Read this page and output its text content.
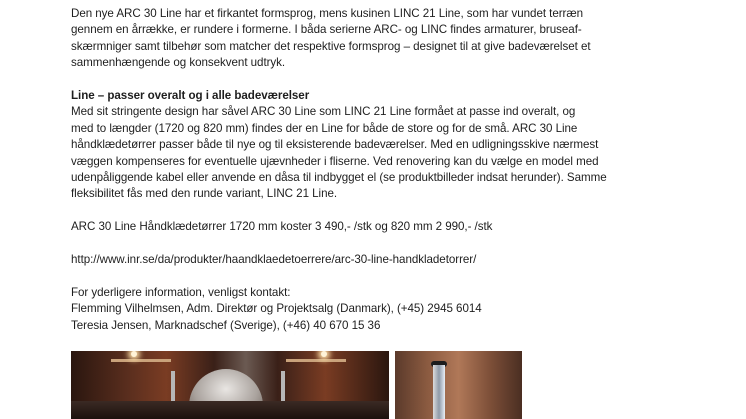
Den nye ARC 30 Line har et firkantet formsprog, mens kusinen LINC 21 Line, som har vundet terræn
gennem en årrække, er rundere i formerne. I båda serierne ARC- og LINC findes armaturer, bruseaf-
skærmniger samt tilbehør som matcher det respektive formsprog – designet til at give badeværelset et
sammenhængende og konsekvent udtryk.

Line – passer overalt og i alle badeværelser
Med sit stringente design har såvel ARC 30 Line som LINC 21 Line formået at passe ind overalt, og
med to længder (1720 og 820 mm) findes der en Line for både de store og for de små. ARC 30 Line
håndklædetørrer passer både til nye og til eksisterende badeværelser. Med en udligningsskive nærmest
væggen kompenseres for eventuelle ujævnheder i fliserne. Ved renovering kan du vælge en model med
udenpåliggende kabel eller anvende en dåsa til indbygget el (se produktbilleder indsat herunder). Samme
fleksibilitet fås med den runde variant, LINC 21 Line.

ARC 30 Line Håndklædetørrer 1720 mm koster 3 490,- /stk og 820 mm 2 990,- /stk

http://www.inr.se/da/produkter/haandklaedetoerrere/arc-30-line-handkladetorrer/

For yderligere information, venligst kontakt:
Flemming Vilhelmsen, Adm. Direktør og Projektsalg (Danmark), (+45) 2945 6014
Teresia Jensen, Marknadschef (Sverige), (+46) 40 670 15 36
